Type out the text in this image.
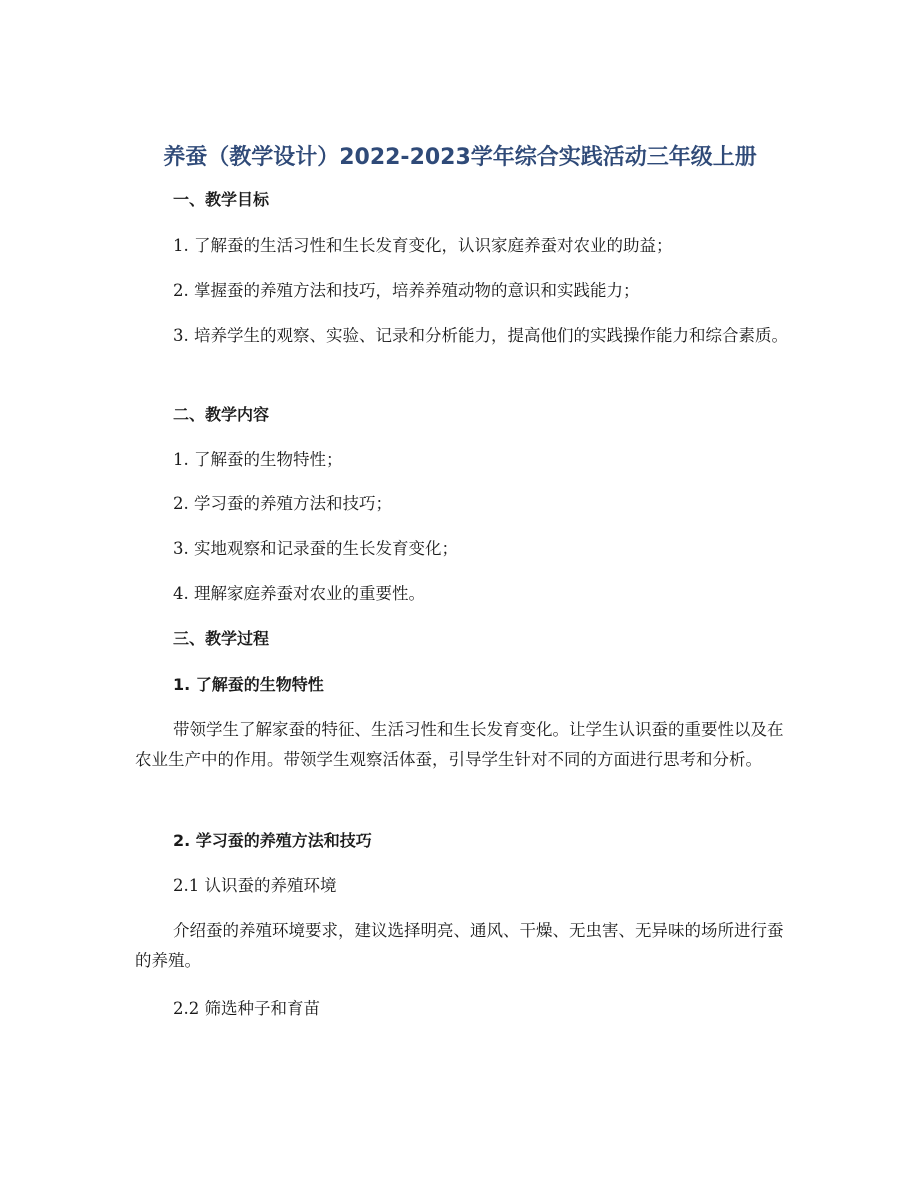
养蚕（教学设计）2022-2023学年综合实践活动三年级上册
一、教学目标
1. 了解蚕的生活习性和生长发育变化，认识家庭养蚕对农业的助益；
2. 掌握蚕的养殖方法和技巧，培养养殖动物的意识和实践能力；
3. 培养学生的观察、实验、记录和分析能力，提高他们的实践操作能力和综合素质。
二、教学内容
1. 了解蚕的生物特性；
2. 学习蚕的养殖方法和技巧；
3. 实地观察和记录蚕的生长发育变化；
4. 理解家庭养蚕对农业的重要性。
三、教学过程
1. 了解蚕的生物特性
带领学生了解家蚕的特征、生活习性和生长发育变化。让学生认识蚕的重要性以及在农业生产中的作用。带领学生观察活体蚕，引导学生针对不同的方面进行思考和分析。
2. 学习蚕的养殖方法和技巧
2.1 认识蚕的养殖环境
介绍蚕的养殖环境要求，建议选择明亮、通风、干燥、无虫害、无异味的场所进行蚕的养殖。
2.2 筛选种子和育苗
